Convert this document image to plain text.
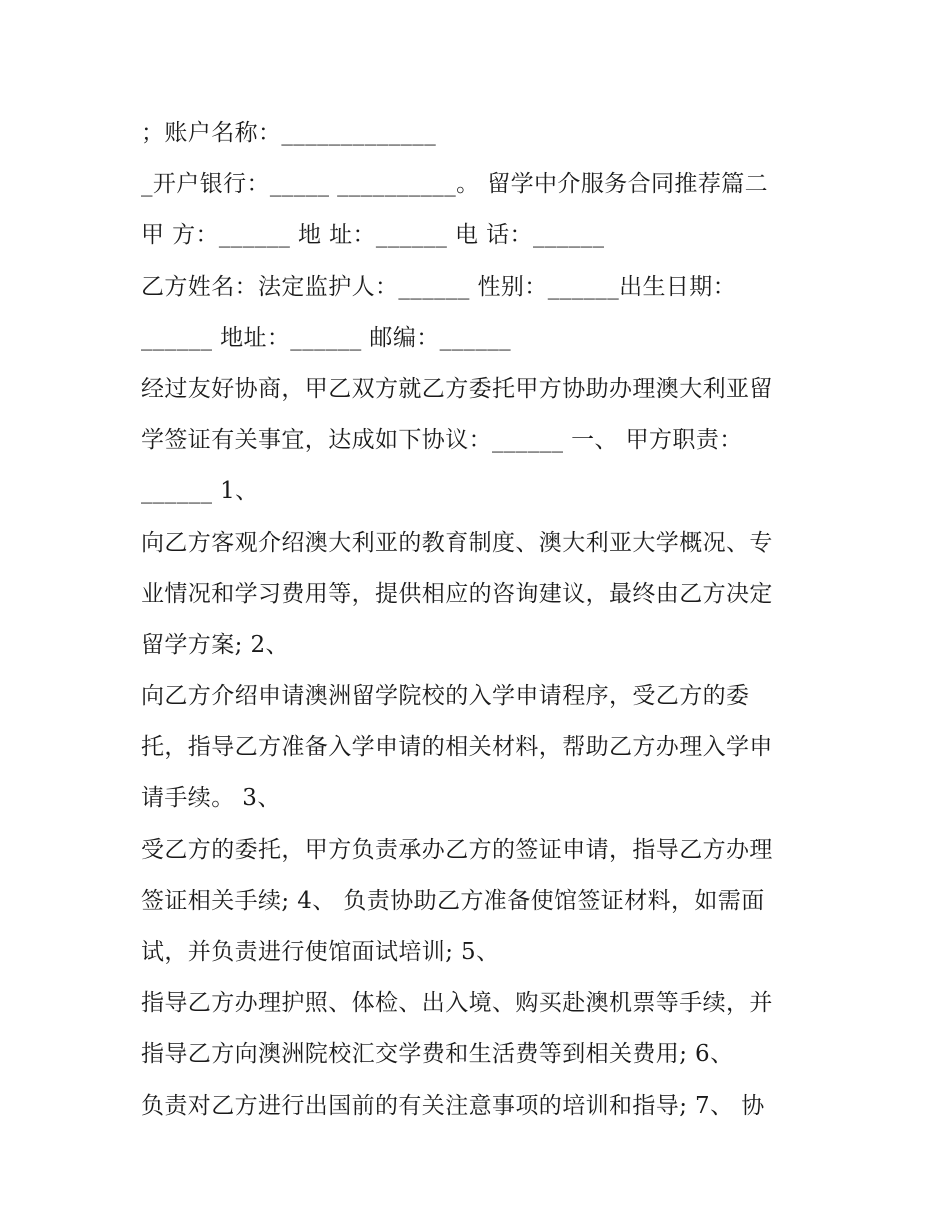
；账户名称：_____________
_开户银行：_____ __________。 留学中介服务合同推荐篇二
甲 方：______ 地 址：______ 电 话：______
乙方姓名：法定监护人：______ 性别：______出生日期：
______ 地址：______ 邮编：______
经过友好协商，甲乙双方就乙方委托甲方协助办理澳大利亚留
学签证有关事宜，达成如下协议：______ 一、 甲方职责：
______ 1、
向乙方客观介绍澳大利亚的教育制度、澳大利亚大学概况、专
业情况和学习费用等，提供相应的咨询建议，最终由乙方决定
留学方案; 2、
向乙方介绍申请澳洲留学院校的入学申请程序，受乙方的委
托，指导乙方准备入学申请的相关材料，帮助乙方办理入学申
请手续。 3、
受乙方的委托，甲方负责承办乙方的签证申请，指导乙方办理
签证相关手续; 4、 负责协助乙方准备使馆签证材料，如需面
试，并负责进行使馆面试培训; 5、
指导乙方办理护照、体检、出入境、购买赴澳机票等手续，并
指导乙方向澳洲院校汇交学费和生活费等到相关费用; 6、
负责对乙方进行出国前的有关注意事项的培训和指导; 7、 协
